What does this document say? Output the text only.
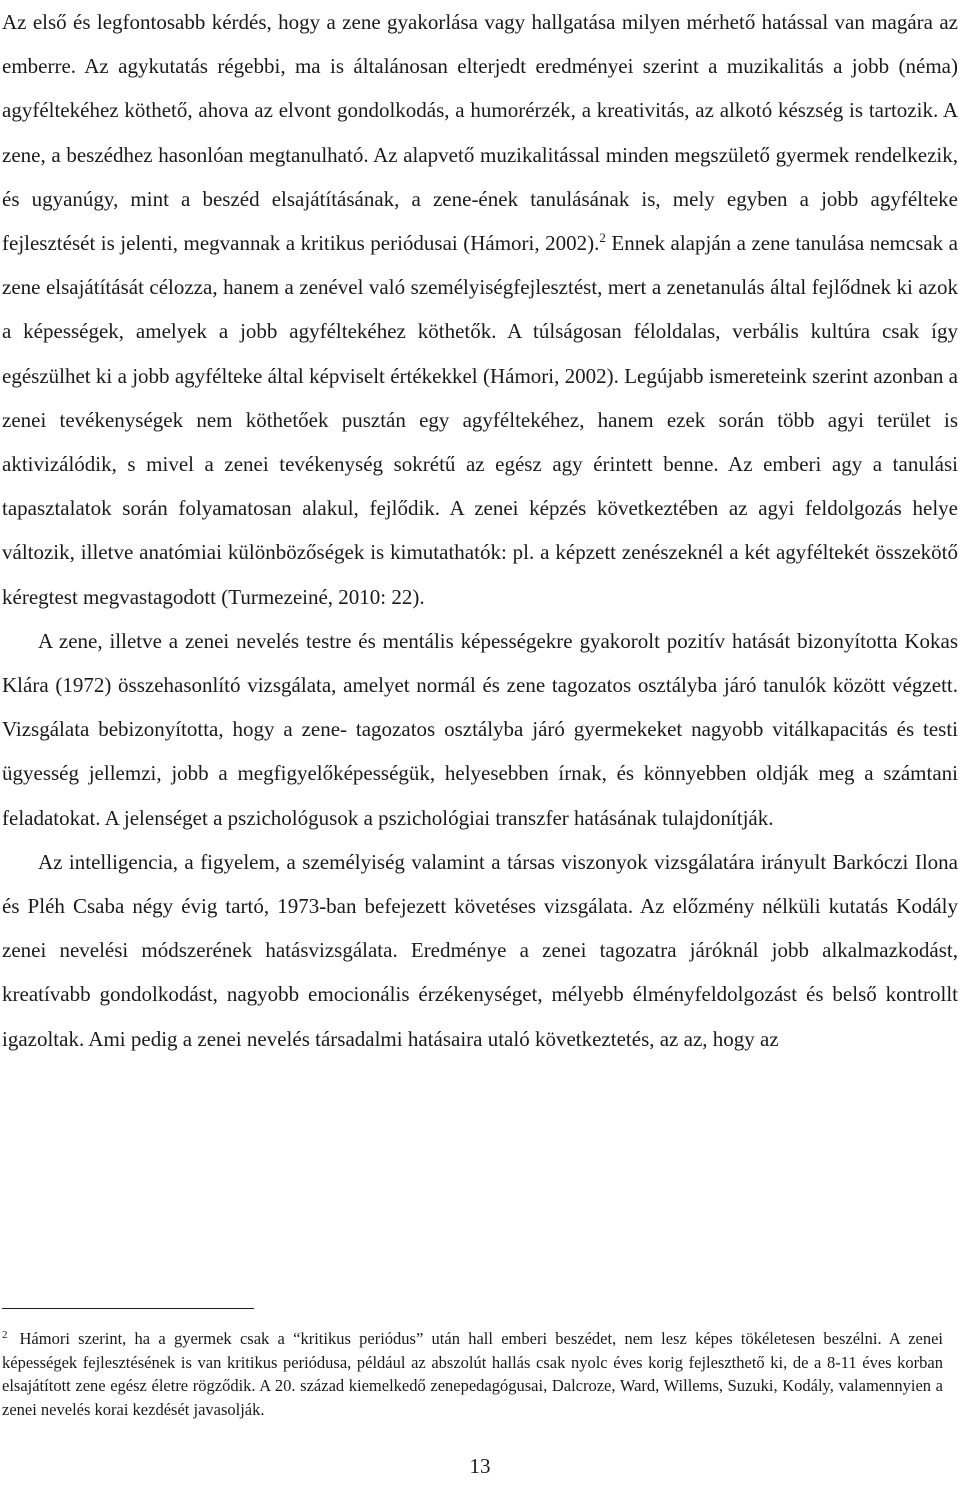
Az első és legfontosabb kérdés, hogy a zene gyakorlása vagy hallgatása milyen mérhető hatással van magára az emberre. Az agykutatás régebbi, ma is általánosan elterjedt eredményei szerint a muzikalitás a jobb (néma) agyféltekéhez köthető, ahova az elvont gondolkodás, a humorérzék, a kreativitás, az alkotó készség is tartozik. A zene, a beszédhez hasonlóan megtanulható. Az alapvető muzikalitással minden megszülető gyermek rendelkezik, és ugyanúgy, mint a beszéd elsajátításának, a zene-ének tanulásának is, mely egyben a jobb agyfélteke fejlesztését is jelenti, megvannak a kritikus periódusai (Hámori, 2002).$^2$ Ennek alapján a zene tanulása nemcsak a zene elsajátítását célozza, hanem a zenével való személyiségfejlesztést, mert a zenetanulás által fejlődnek ki azok a képességek, amelyek a jobb agyféltekéhez köthetők. A túlságosan féloldalas, verbális kultúra csak így egészülhet ki a jobb agyfélteke által képviselt értékekkel (Hámori, 2002). Legújabb ismereteink szerint azonban a zenei tevékenységek nem köthetőek pusztán egy agyféltekéhez, hanem ezek során több agyi terület is aktivizálódik, s mivel a zenei tevékenység sokrétű az egész agy érintett benne. Az emberi agy a tanulási tapasztalatok során folyamatosan alakul, fejlődik. A zenei képzés következtében az agyi feldolgozás helye változik, illetve anatómiai különbözőségek is kimutathatók: pl. a képzett zenészeknél a két agyféltekét összekötő kéregtest megvastagodott (Turmezeiné, 2010: 22).

A zene, illetve a zenei nevelés testre és mentális képességekre gyakorolt pozitív hatását bizonyította Kokas Klára (1972) összehasonlító vizsgálata, amelyet normál és zene tagozatos osztályba járó tanulók között végzett. Vizsgálata bebizonyította, hogy a zene- tagozatos osztályba járó gyermekeket nagyobb vitálkapacitás és testi ügyesség jellemzi, jobb a megfigyelőképességük, helyesebben írnak, és könnyebben oldják meg a számtani feladatokat. A jelenséget a pszichológusok a pszichológiai transzfer hatásának tulajdonítják.

Az intelligencia, a figyelem, a személyiség valamint a társas viszonyok vizsgálatára irányult Barkóczi Ilona és Pléh Csaba négy évig tartó, 1973-ban befejezett követéses vizsgálata. Az előzmény nélküli kutatás Kodály zenei nevelési módszerének hatásvizsgálata. Eredménye a zenei tagozatra járóknál jobb alkalmazkodást, kreatívabb gondolkodást, nagyobb emocionális érzékenységet, mélyebb élményfeldolgozást és belső kontrollt igazoltak. Ami pedig a zenei nevelés társadalmi hatásaira utaló következtetés, az az, hogy az

$^2$ Hámori szerint, ha a gyermek csak a “kritikus periódus” után hall emberi beszédet, nem lesz képes tökéletesen beszélni. A zenei képességek fejlesztésének is van kritikus periódusa, például az abszolút hallás csak nyolc éves korig fejleszthető ki, de a 8-11 éves korban elsajátított zene egész életre rögződik. A 20. század kiemelkedő zenepedagógusai, Dalcroze, Ward, Willems, Suzuki, Kodály, valamennyien a zenei nevelés korai kezdését javasolják.

13
